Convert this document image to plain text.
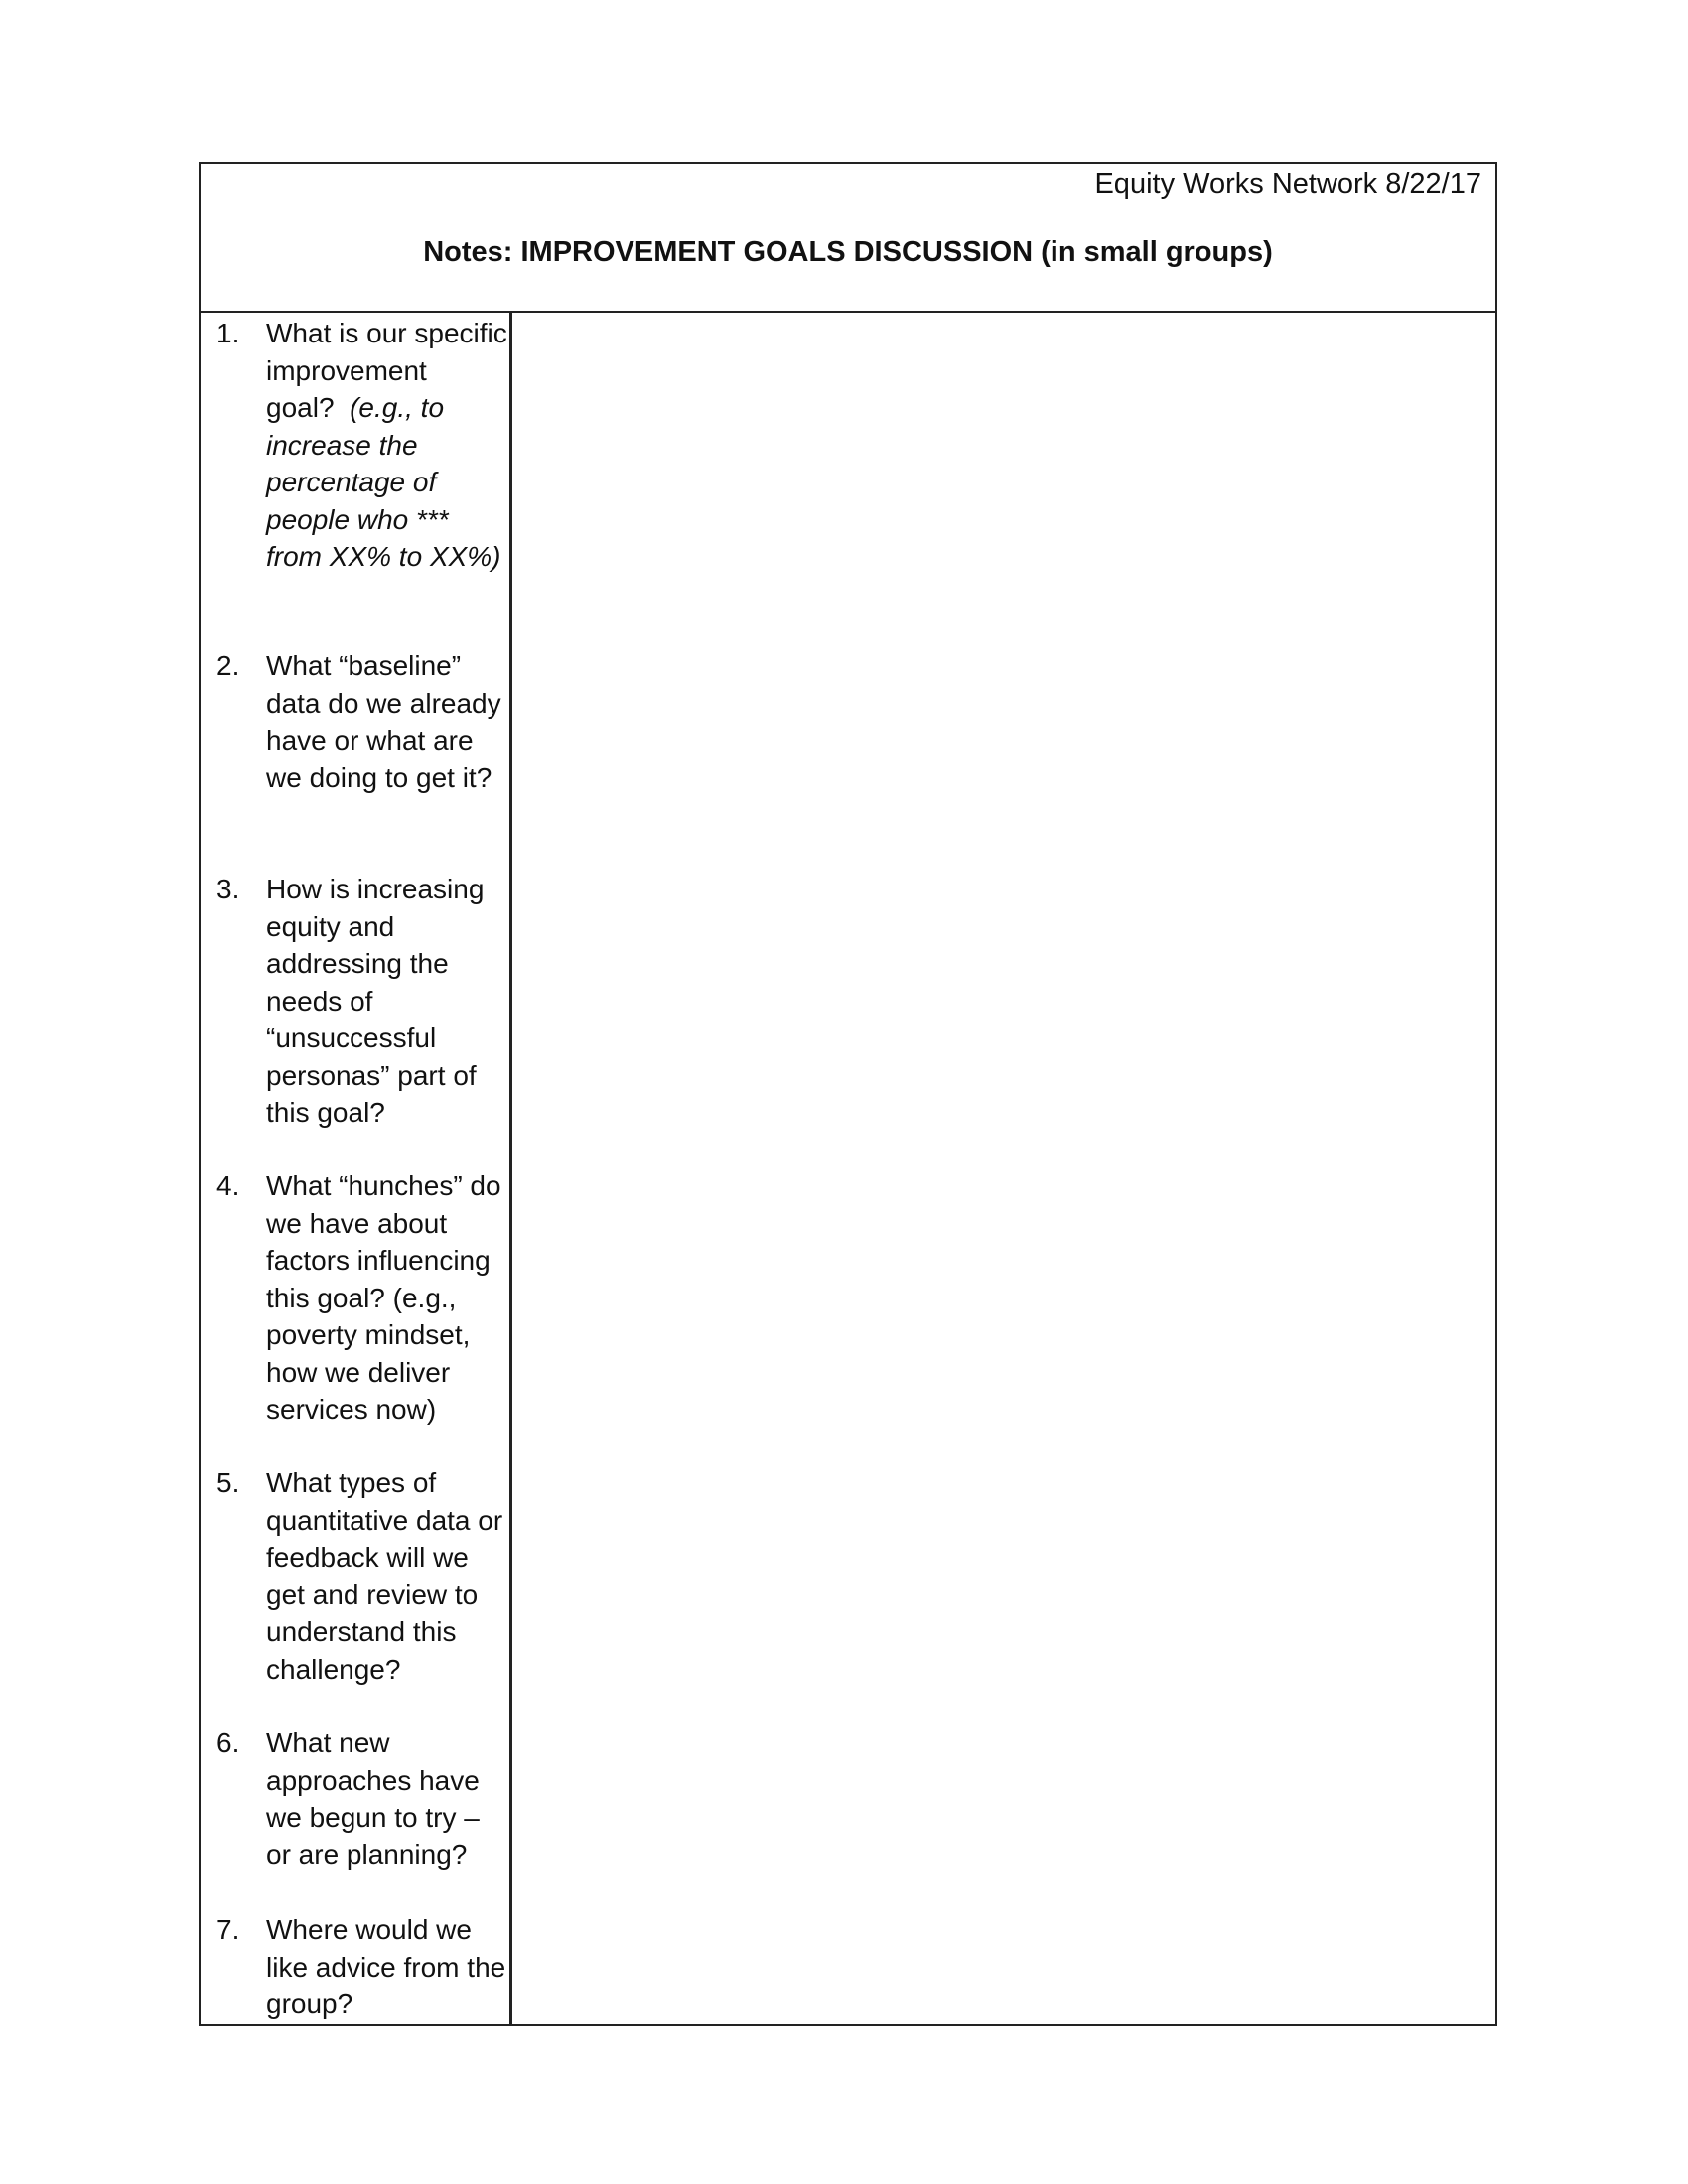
Equity Works Network 8/22/17
Notes: IMPROVEMENT GOALS DISCUSSION (in small groups)
1. What is our specific improvement goal? (e.g., to increase the percentage of people who *** from XX% to XX%)
2. What “baseline” data do we already have or what are we doing to get it?
3. How is increasing equity and addressing the needs of “unsuccessful personas” part of this goal?
4. What “hunches” do we have about factors influencing this goal? (e.g., poverty mindset, how we deliver services now)
5. What types of quantitative data or feedback will we get and review to understand this challenge?
6. What new approaches have we begun to try – or are planning?
7. Where would we like advice from the group?
